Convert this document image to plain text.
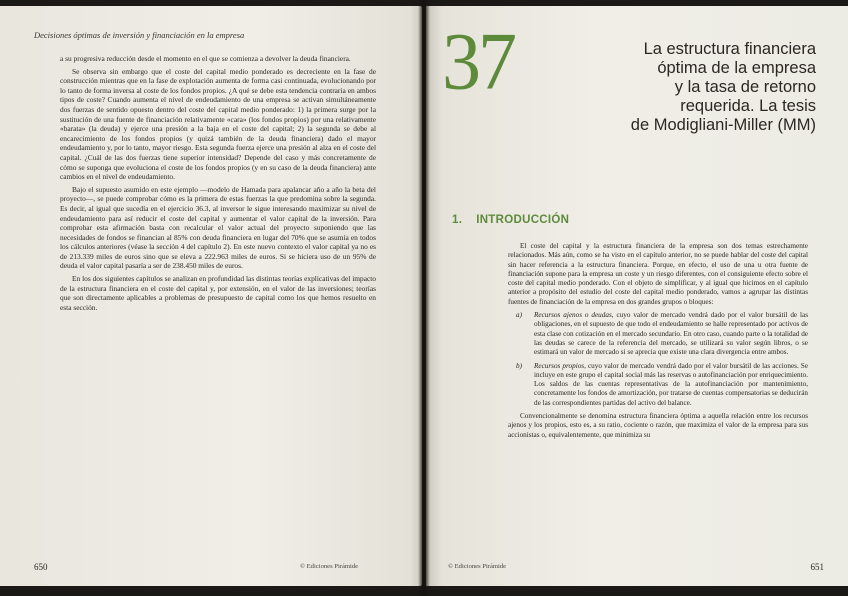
Decisiones óptimas de inversión y financiación en la empresa

a su progresiva reducción desde el momento en el que se comienza a devolver la deuda financiera.

Se observa sin embargo que el coste del capital medio ponderado es decreciente en la fase de construcción mientras que en la fase de explotación aumenta de forma casi continuada, evolucionando por lo tanto de forma inversa al coste de los fondos propios. ¿A qué se debe esta tendencia contraria en ambos tipos de coste? Cuando aumenta el nivel de endeudamiento de una empresa se activan simultáneamente dos fuerzas de sentido opuesto dentro del coste del capital medio ponderado: 1) la primera surge por la sustitución de una fuente de financiación relativamente «cara» (los fondos propios) por una relativamente «barata» (la deuda) y ejerce una presión a la baja en el coste del capital; 2) la segunda se debe al encarecimiento de los fondos propios (y quizá también de la deuda financiera) dado el mayor endeudamiento y, por lo tanto, mayor riesgo. Esta segunda fuerza ejerce una presión al alza en el coste del capital. ¿Cuál de las dos fuerzas tiene superior intensidad? Depende del caso y más concretamente de cómo se suponga que evoluciona el coste de los fondos propios (y en su caso de la deuda financiera) ante cambios en el nivel de endeudamiento.

Bajo el supuesto asumido en este ejemplo —modelo de Hamada para apalancar año a año la beta del proyecto—, se puede comprobar cómo es la primera de estas fuerzas la que predomina sobre la segunda. Es decir, al igual que sucedía en el ejercicio 36.3, al inversor le sigue interesando maximizar su nivel de endeudamiento para así reducir el coste del capital y aumentar el valor capital de la inversión. Para comprobar esta afirmación basta con recalcular el valor actual del proyecto suponiendo que las necesidades de fondos se financian al 85% con deuda financiera en lugar del 70% que se asumía en todos los cálculos anteriores (véase la sección 4 del capítulo 2). En este nuevo contexto el valor capital ya no es de 213.339 miles de euros sino que se eleva a 222.963 miles de euros. Si se hiciera uso de un 95% de deuda el valor capital pasaría a ser de 238.450 miles de euros.

En los dos siguientes capítulos se analizan en profundidad las distintas teorías explicativas del impacto de la estructura financiera en el coste del capital y, por extensión, en el valor de las inversiones; teorías que son directamente aplicables a problemas de presupuesto de capital como los que hemos resuelto en esta sección.

650	© Ediciones Pirámide
37	La estructura financiera
óptima de la empresa
y la tasa de retorno
requerida. La tesis
de Modigliani-Miller (MM)
1. INTRODUCCIÓN

El coste del capital y la estructura financiera de la empresa son dos temas estrechamente relacionados. Más aún, como se ha visto en el capítulo anterior, no se puede hablar del coste del capital sin hacer referencia a la estructura financiera. Porque, en efecto, el uso de una u otra fuente de financiación supone para la empresa un coste y un riesgo diferentes, con el consiguiente efecto sobre el coste del capital medio ponderado. Con el objeto de simplificar, y al igual que hicimos en el capítulo anterior a propósito del estudio del coste del capital medio ponderado, vamos a agrupar las distintas fuentes de financiación de la empresa en dos grandes grupos o bloques:

a)	Recursos ajenos o deudas, cuyo valor de mercado vendrá dado por el valor bursátil de las obligaciones, en el supuesto de que todo el endeudamiento se halle representado por activos de esta clase con cotización en el mercado secundario. En otro caso, cuando parte o la totalidad de las deudas se carece de la referencia del mercado, se utilizará su valor según libros, o se estimará un valor de mercado si se aprecia que existe una clara divergencia entre ambos.
b)	Recursos propios, cuyo valor de mercado vendrá dado por el valor bursátil de las acciones. Se incluye en este grupo el capital social más las reservas o autofinanciación por enriquecimiento. Los saldos de las cuentas representativas de la autofinanciación por mantenimiento, concretamente los fondos de amortización, por tratarse de cuentas compensatorias se deducirán de las correspondientes partidas del activo del balance.

Convencionalmente se denomina estructura financiera óptima a aquella relación entre los recursos ajenos y los propios, esto es, a su ratio, cociente o razón, que maximiza el valor de la empresa para sus accionistas o, equivalentemente, que minimiza su

© Ediciones Pirámide	651
